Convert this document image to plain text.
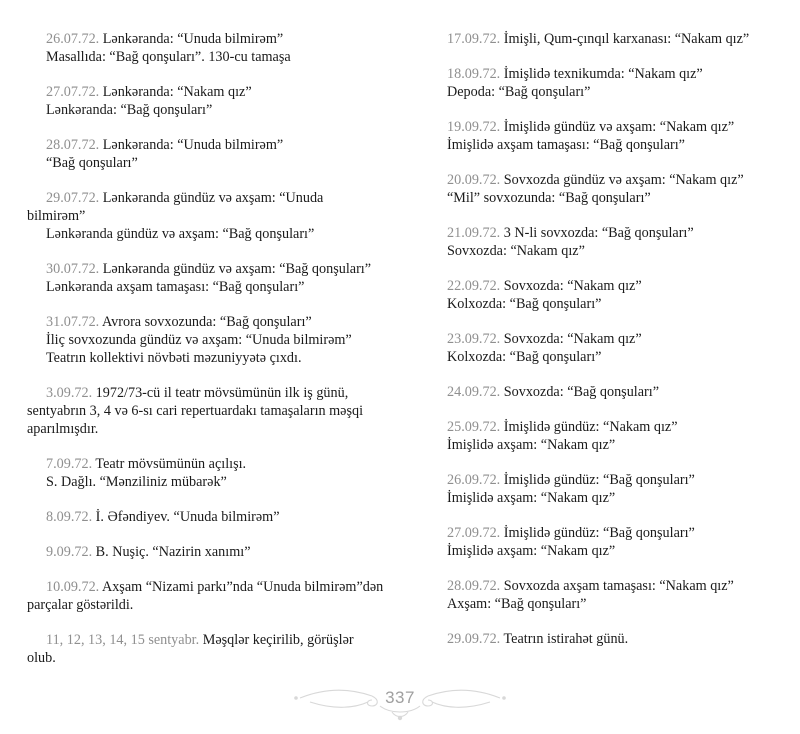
26.07.72. Lənkəranda: “Unuda bilmirəm”
Masallıda: “Bağ qonşuları”. 130-cu tamaşa
27.07.72. Lənkəranda: “Nakam qız”
Lənkəranda: “Bağ qonşuları”
28.07.72. Lənkəranda: “Unuda bilmirəm”
“Bağ qonşuları”
29.07.72. Lənkəranda gündüz və axşam: “Unuda
bilmirəm”
Lənkəranda gündüz və axşam: “Bağ qonşuları”
30.07.72. Lənkəranda gündüz və axşam: “Bağ qonşuları”
Lənkəranda axşam tamaşası: “Bağ qonşuları”
31.07.72. Avrora sovxozunda: “Bağ qonşuları”
İliç sovxozunda gündüz və axşam: “Unuda bilmirəm”
Teatrın kollektivi növbəti məzuniyyətə çıxdı.
3.09.72. 1972/73-cü il teatr mövsümünün ilk iş günü,
sentyabrın 3, 4 və 6-sı cari repertuardakı tamaşaların məşqi
aparılmışdır.
7.09.72. Teatr mövsümünün açılışı.
S. Dağlı. “Mənziliniz mübarək”
8.09.72. İ. Əfəndiyev. “Unuda bilmirəm”
9.09.72. B. Nuşiç. “Nazirin xanımı”
10.09.72. Axşam “Nizami parkı”nda “Unuda bilmirəm”dən
parçalar göstərildi.
11, 12, 13, 14, 15 sentyabr. Məşqlər keçirilib, görüşlər
olub.
17.09.72. İmişli, Qum-çınqıl karxanası: “Nakam qız”
18.09.72. İmişlidə texnikumda: “Nakam qız”
Depoda: “Bağ qonşuları”
19.09.72. İmişlidə gündüz və axşam: “Nakam qız”
İmişlidə axşam tamaşası: “Bağ qonşuları”
20.09.72. Sovxozda gündüz və axşam: “Nakam qız”
“Mil” sovxozunda: “Bağ qonşuları”
21.09.72. 3 N-li sovxozda: “Bağ qonşuları”
Sovxozda: “Nakam qız”
22.09.72. Sovxozda: “Nakam qız”
Kolxozda: “Bağ qonşuları”
23.09.72. Sovxozda: “Nakam qız”
Kolxozda: “Bağ qonşuları”
24.09.72. Sovxozda: “Bağ qonşuları”
25.09.72. İmişlidə gündüz: “Nakam qız”
İmişlidə axşam: “Nakam qız”
26.09.72. İmişlidə gündüz: “Bağ qonşuları”
İmişlidə axşam: “Nakam qız”
27.09.72. İmişlidə gündüz: “Bağ qonşuları”
İmişlidə axşam: “Nakam qız”
28.09.72. Sovxozda axşam tamaşası: “Nakam qız”
Axşam: “Bağ qonşuları”
29.09.72. Teatrın istirahət günü.
337
